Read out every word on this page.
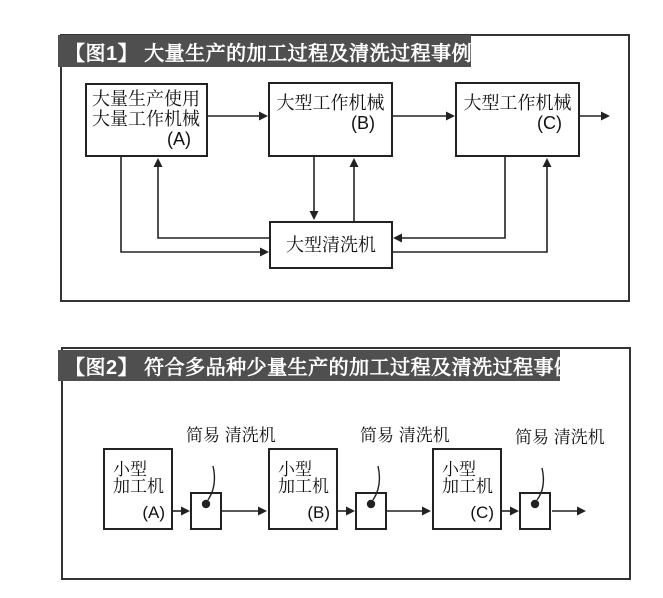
【图1】 大量生产的加工过程及清洗过程事例
大量生产使用
大量工作机械
(A)
大型工作机械
(B)
大型工作机械
(C)
大型清洗机
【图2】 符合多品种少量生产的加工过程及清洗过程事例
小型
加工机
(A)
简易 清洗机
小型
加工机
(B)
简易 清洗机
小型
加工机
(C)
简易 清洗机
